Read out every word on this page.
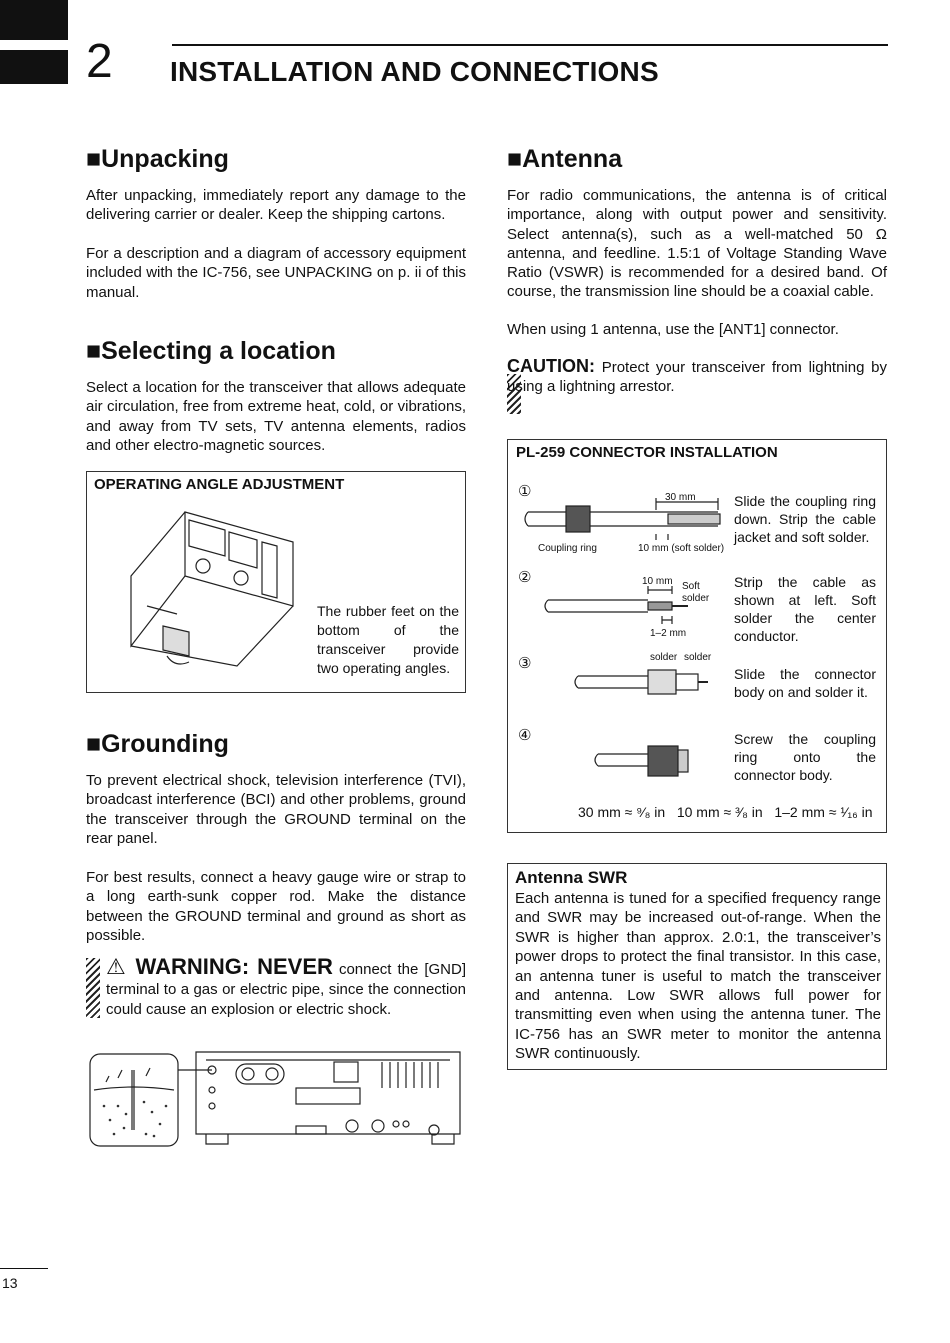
2 INSTALLATION AND CONNECTIONS
■Unpacking

After unpacking, immediately report any damage to the delivering carrier or dealer. Keep the shipping cartons.

For a description and a diagram of accessory equipment included with the IC-756, see UNPACKING on p. ii of this manual.

■Selecting a location

Select a location for the transceiver that allows adequate air circulation, free from extreme heat, cold, or vibrations, and away from TV sets, TV antenna elements, radios and other electro-magnetic sources.

OPERATING ANGLE ADJUSTMENT

The rubber feet on the bottom of the transceiver provide two operating angles.

■Grounding

To prevent electrical shock, television interference (TVI), broadcast interference (BCI) and other problems, ground the transceiver through the GROUND terminal on the rear panel.

For best results, connect a heavy gauge wire or strap to a long earth-sunk copper rod. Make the distance between the GROUND terminal and ground as short as possible.

⚠ WARNING: NEVER connect the [GND] terminal to a gas or electric pipe, since the connection could cause an explosion or electric shock.

■Antenna

For radio communications, the antenna is of critical importance, along with output power and sensitivity. Select antenna(s), such as a well-matched 50 Ω antenna, and feedline. 1.5:1 of Voltage Standing Wave Ratio (VSWR) is recommended for a desired band. Of course, the transmission line should be a coaxial cable.

When using 1 antenna, use the [ANT1] connector.

CAUTION: Protect your transceiver from lightning by using a lightning arrestor.

PL-259 CONNECTOR INSTALLATION
①
②
③
④
Slide the coupling ring down. Strip the cable jacket and soft solder.
Strip the cable as shown at left. Soft solder the center conductor.
Slide the connector body on and solder it.
Screw the coupling ring onto the connector body.
30 mm
Coupling ring	10 mm (soft solder)
10 mm Soft
solder
1–2 mm
solder solder
30 mm ≈ ⁹⁄₈ in   10 mm ≈ ³⁄₈ in   1–2 mm ≈ ¹⁄₁₆ in
Antenna SWR

Each antenna is tuned for a specified frequency range and SWR may be increased out-of-range. When the SWR is higher than approx. 2.0:1, the transceiver’s power drops to protect the final transistor. In this case, an antenna tuner is useful to match the transceiver and antenna. Low SWR allows full power for transmitting even when using the antenna tuner. The IC-756 has an SWR meter to monitor the antenna SWR continuously.

13
